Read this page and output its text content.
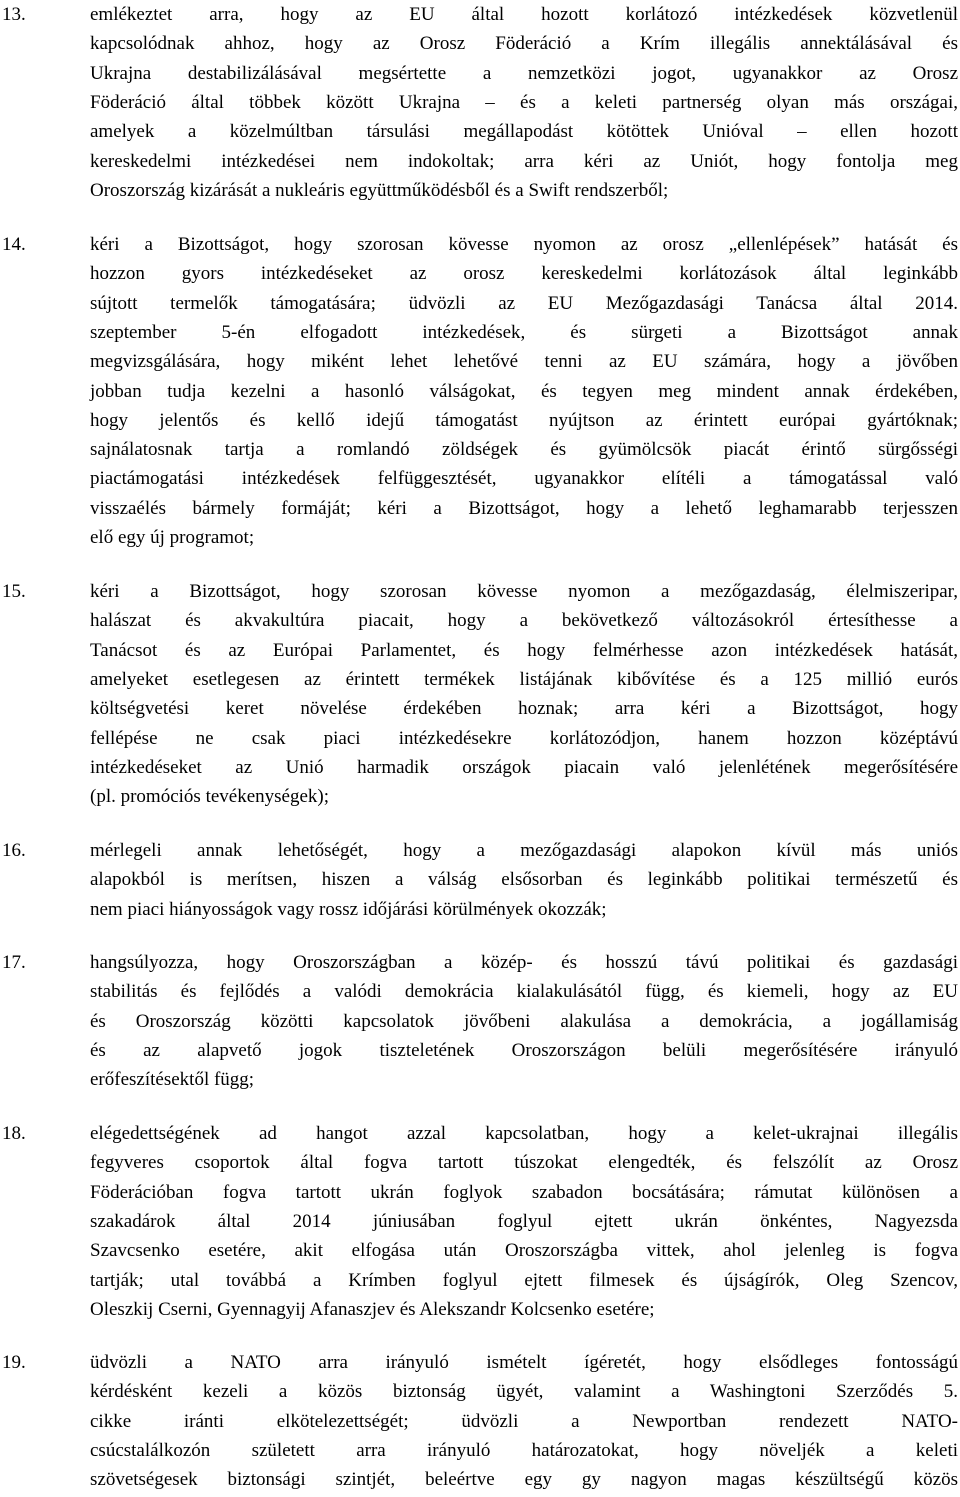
13.	emlékeztet arra, hogy az EU által hozott korlátozó intézkedések közvetlenül
kapcsolódnak ahhoz, hogy az Orosz Föderáció a Krím illegális annektálásával és
Ukrajna destabilizálásával megsértette a nemzetközi jogot, ugyanakkor az Orosz
Föderáció által többek között Ukrajna – és a keleti partnerség olyan más országai,
amelyek a közelmúltban társulási megállapodást kötöttek Unióval – ellen hozott
kereskedelmi intézkedései nem indokoltak; arra kéri az Uniót, hogy fontolja meg
Oroszország kizárását a nukleáris együttműködésből és a Swift rendszerből;
14.	kéri a Bizottságot, hogy szorosan kövesse nyomon az orosz „ellenlépések” hatását és
hozzon gyors intézkedéseket az orosz kereskedelmi korlátozások által leginkább
sújtott termelők támogatására; üdvözli az EU Mezőgazdasági Tanácsa által 2014.
szeptember 5-én elfogadott intézkedések, és sürgeti a Bizottságot annak
megvizsgálására, hogy miként lehet lehetővé tenni az EU számára, hogy a jövőben
jobban tudja kezelni a hasonló válságokat, és tegyen meg mindent annak érdekében,
hogy jelentős és kellő idejű támogatást nyújtson az érintett európai gyártóknak;
sajnálatosnak tartja a romlandó zöldségek és gyümölcsök piacát érintő sürgősségi
piactámogatási intézkedések felfüggesztését, ugyanakkor elítéli a támogatással való
visszaélés bármely formáját; kéri a Bizottságot, hogy a lehető leghamarabb terjesszen
elő egy új programot;
15.	kéri a Bizottságot, hogy szorosan kövesse nyomon a mezőgazdaság, élelmiszeripar,
halászat és akvakultúra piacait, hogy a bekövetkező változásokról értesíthesse a
Tanácsot és az Európai Parlamentet, és hogy felmérhesse azon intézkedések hatását,
amelyeket esetlegesen az érintett termékek listájának kibővítése és a 125 millió eurós
költségvetési keret növelése érdekében hoznak; arra kéri a Bizottságot, hogy
fellépése ne csak piaci intézkedésekre korlátozódjon, hanem hozzon középtávú
intézkedéseket az Unió harmadik országok piacain való jelenlétének megerősítésére
(pl. promóciós tevékenységek);
16.	mérlegeli annak lehetőségét, hogy a mezőgazdasági alapokon kívül más uniós
alapokból is merítsen, hiszen a válság elsősorban és leginkább politikai természetű és
nem piaci hiányosságok vagy rossz időjárási körülmények okozzák;
17.	hangsúlyozza, hogy Oroszországban a közép- és hosszú távú politikai és gazdasági
stabilitás és fejlődés a valódi demokrácia kialakulásától függ, és kiemeli, hogy az EU
és Oroszország közötti kapcsolatok jövőbeni alakulása a demokrácia, a jogállamiság
és az alapvető jogok tiszteletének Oroszországon belüli megerősítésére irányuló
erőfeszítésektől függ;
18.	elégedettségének ad hangot azzal kapcsolatban, hogy a kelet-ukrajnai illegális
fegyveres csoportok által fogva tartott túszokat elengedték, és felszólít az Orosz
Föderációban fogva tartott ukrán foglyok szabadon bocsátására; rámutat különösen a
szakadárok által 2014 júniusában foglyul ejtett ukrán önkéntes, Nagyezsda
Szavcsenko esetére, akit elfogása után Oroszországba vittek, ahol jelenleg is fogva
tartják; utal továbbá a Krímben foglyul ejtett filmesek és újságírók, Oleg Szencov,
Oleszkij Cserni, Gyennagyij Afanaszjev és Alekszandr Kolcsenko esetére;
19.	üdvözli a NATO arra irányuló ismételt ígéretét, hogy elsődleges fontosságú
kérdésként kezeli a közös biztonság ügyét, valamint a Washingtoni Szerződés 5.
cikke iránti elkötelezettségét; üdvözli a Newportban rendezett NATO-
csúcstalálkozón született arra irányuló határozatokat, hogy növeljék a keleti
szövetségesek biztonsági szintjét, beleértve egy gy nagyon magas készültségű közös
